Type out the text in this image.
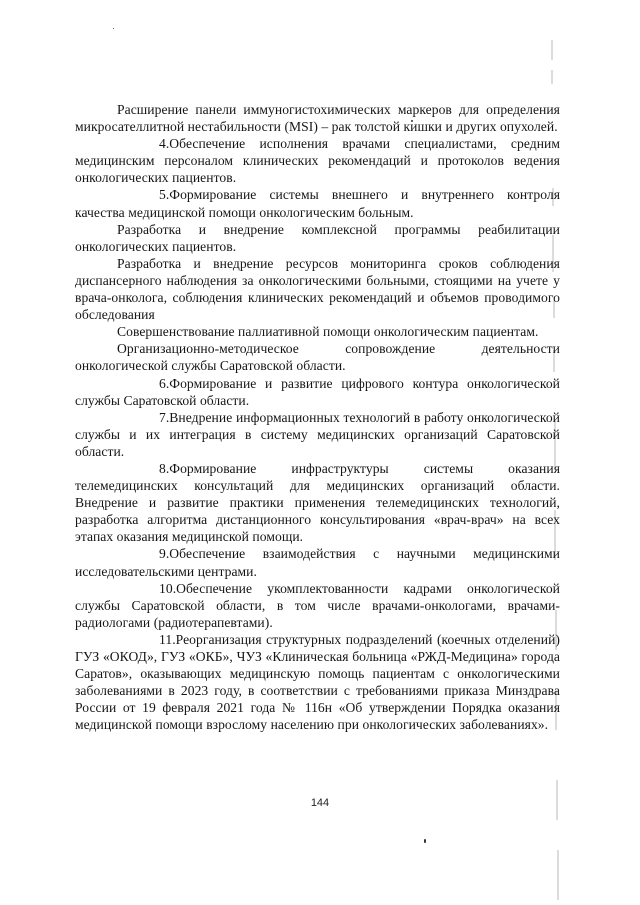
Расширение панели иммуногистохимических маркеров для определения микросателлитной нестабильности (MSI) – рак толстой кишки и других опухолей.

4.Обеспечение исполнения врачами специалистами, средним медицинским персоналом клинических рекомендаций и протоколов ведения онкологических пациентов.

5.Формирование системы внешнего и внутреннего контроля качества медицинской помощи онкологическим больным.

Разработка и внедрение комплексной программы реабилитации онкологических пациентов.

Разработка и внедрение ресурсов мониторинга сроков соблюдения диспансерного наблюдения за онкологическими больными, стоящими на учете у врача-онколога, соблюдения клинических рекомендаций и объемов проводимого обследования

Совершенствование паллиативной помощи онкологическим пациентам.

Организационно-методическое сопровождение деятельности онкологической службы Саратовской области.

6.Формирование и развитие цифрового контура онкологической службы Саратовской области.

7.Внедрение информационных технологий в работу онкологической службы и их интеграция в систему медицинских организаций Саратовской области.

8.Формирование инфраструктуры системы оказания телемедицинских консультаций для медицинских организаций области. Внедрение и развитие практики применения телемедицинских технологий, разработка алгоритма дистанционного консультирования «врач-врач» на всех этапах оказания медицинской помощи.

9.Обеспечение взаимодействия с научными медицинскими исследовательскими центрами.

10.Обеспечение укомплектованности кадрами онкологической службы Саратовской области, в том числе врачами-онкологами, врачами-радиологами (радиотерапевтами).

11.Реорганизация структурных подразделений (коечных отделений) ГУЗ «ОКОД», ГУЗ «ОКБ», ЧУЗ «Клиническая больница «РЖД-Медицина» города Саратов», оказывающих медицинскую помощь пациентам с онкологическими заболеваниями в 2023 году, в соответствии с требованиями приказа Минздрава России от 19 февраля 2021 года № 116н «Об утверждении Порядка оказания медицинской помощи взрослому населению при онкологических заболеваниях».

144
